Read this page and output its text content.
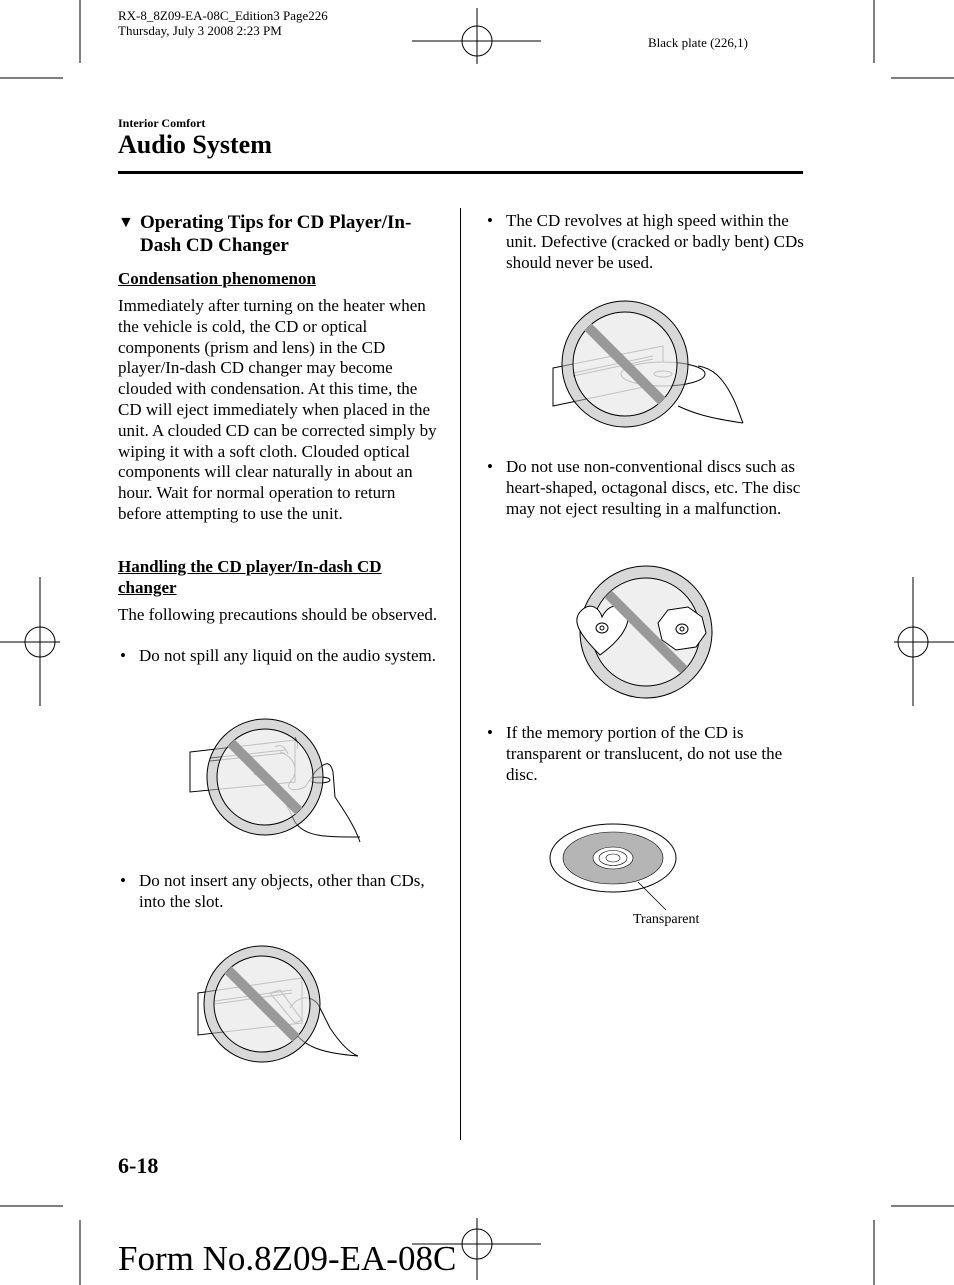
RX-8_8Z09-EA-08C_Edition3 Page226
Thursday, July 3 2008 2:23 PM
Black plate (226,1)
Interior Comfort
Audio System
▼ Operating Tips for CD Player/In-Dash CD Changer
Condensation phenomenon
Immediately after turning on the heater when the vehicle is cold, the CD or optical components (prism and lens) in the CD player/In-dash CD changer may become clouded with condensation. At this time, the CD will eject immediately when placed in the unit. A clouded CD can be corrected simply by wiping it with a soft cloth. Clouded optical components will clear naturally in about an hour. Wait for normal operation to return before attempting to use the unit.
Handling the CD player/In-dash CD changer
The following precautions should be observed.
• Do not spill any liquid on the audio system.
• Do not insert any objects, other than CDs, into the slot.
• The CD revolves at high speed within the unit. Defective (cracked or badly bent) CDs should never be used.
• Do not use non-conventional discs such as heart-shaped, octagonal discs, etc. The disc may not eject resulting in a malfunction.
• If the memory portion of the CD is transparent or translucent, do not use the disc.
Transparent
6-18
Form No.8Z09-EA-08C
